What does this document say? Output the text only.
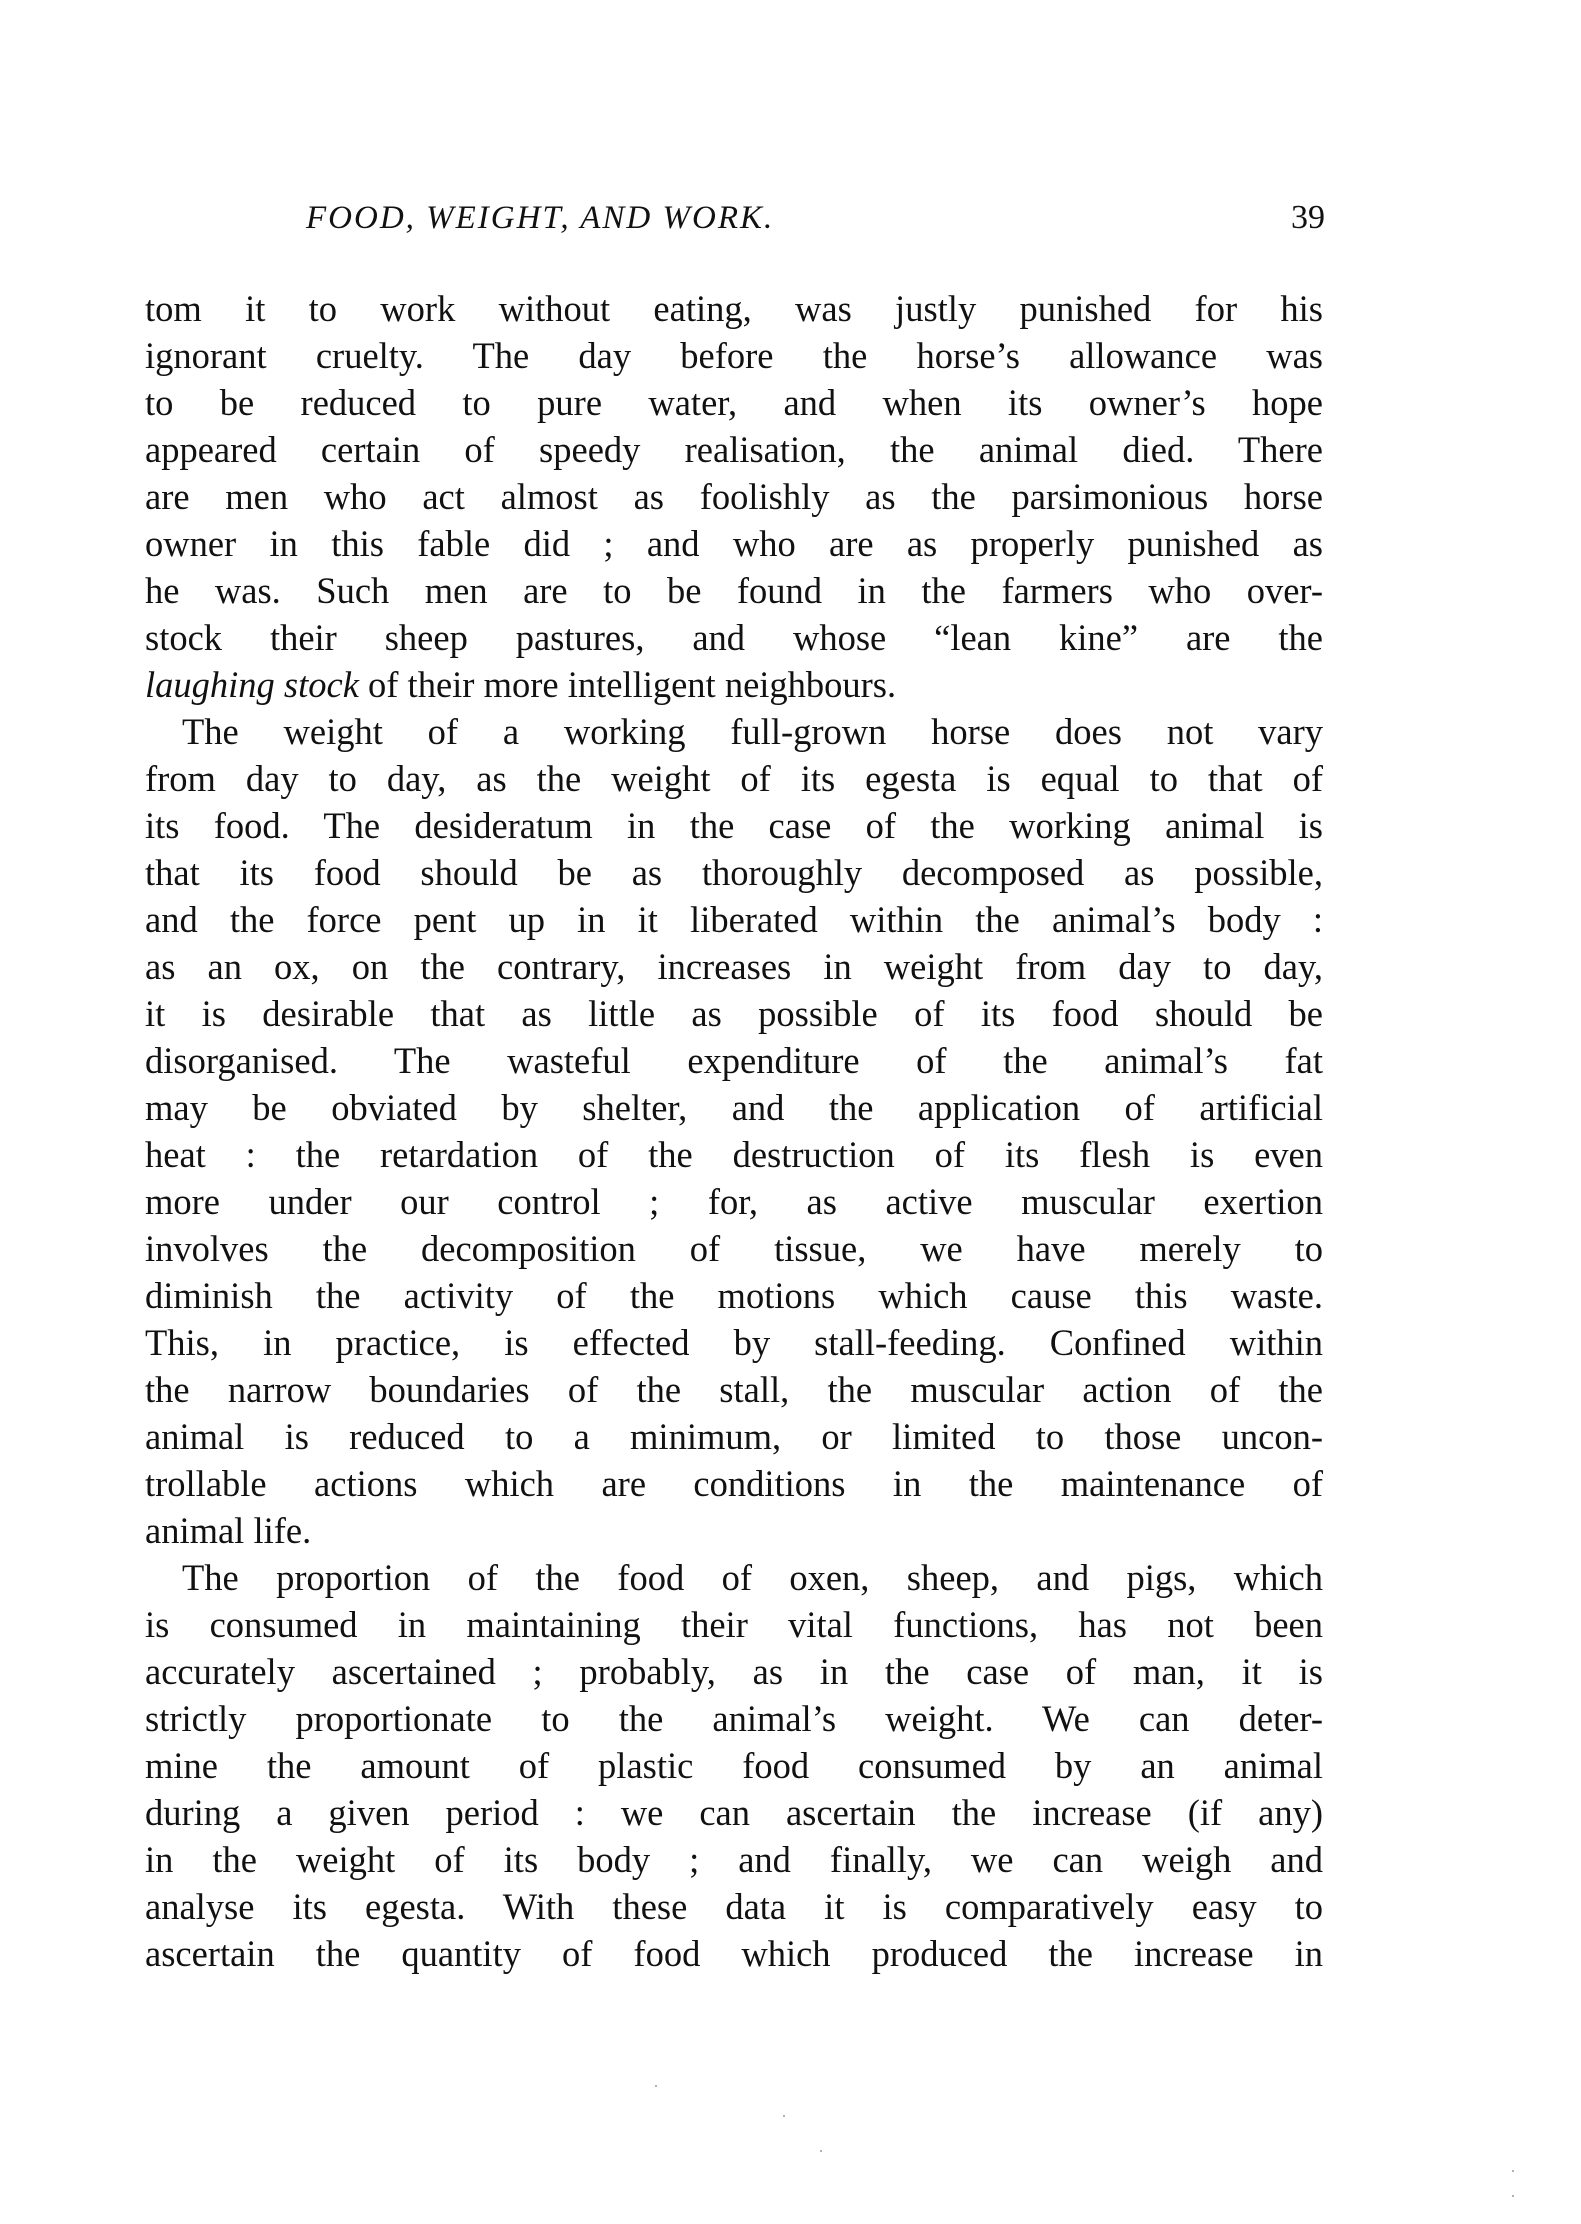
FOOD, WEIGHT, AND WORK.	39
tom it to work without eating, was justly punished for his
ignorant cruelty. The day before the horse’s allowance was
to be reduced to pure water, and when its owner’s hope
appeared certain of speedy realisation, the animal died. There
are men who act almost as foolishly as the parsimonious horse
owner in this fable did ; and who are as properly punished as
he was. Such men are to be found in the farmers who over-
stock their sheep pastures, and whose “lean kine” are the
laughing stock of their more intelligent neighbours.
The weight of a working full-grown horse does not vary
from day to day, as the weight of its egesta is equal to that of
its food. The desideratum in the case of the working animal is
that its food should be as thoroughly decomposed as possible,
and the force pent up in it liberated within the animal’s body :
as an ox, on the contrary, increases in weight from day to day,
it is desirable that as little as possible of its food should be
disorganised. The wasteful expenditure of the animal’s fat
may be obviated by shelter, and the application of artificial
heat : the retardation of the destruction of its flesh is even
more under our control ; for, as active muscular exertion
involves the decomposition of tissue, we have merely to
diminish the activity of the motions which cause this waste.
This, in practice, is effected by stall-feeding. Confined within
the narrow boundaries of the stall, the muscular action of the
animal is reduced to a minimum, or limited to those uncon-
trollable actions which are conditions in the maintenance of
animal life.
The proportion of the food of oxen, sheep, and pigs, which
is consumed in maintaining their vital functions, has not been
accurately ascertained ; probably, as in the case of man, it is
strictly proportionate to the animal’s weight. We can deter-
mine the amount of plastic food consumed by an animal
during a given period : we can ascertain the increase (if any)
in the weight of its body ; and finally, we can weigh and
analyse its egesta. With these data it is comparatively easy to
ascertain the quantity of food which produced the increase in
